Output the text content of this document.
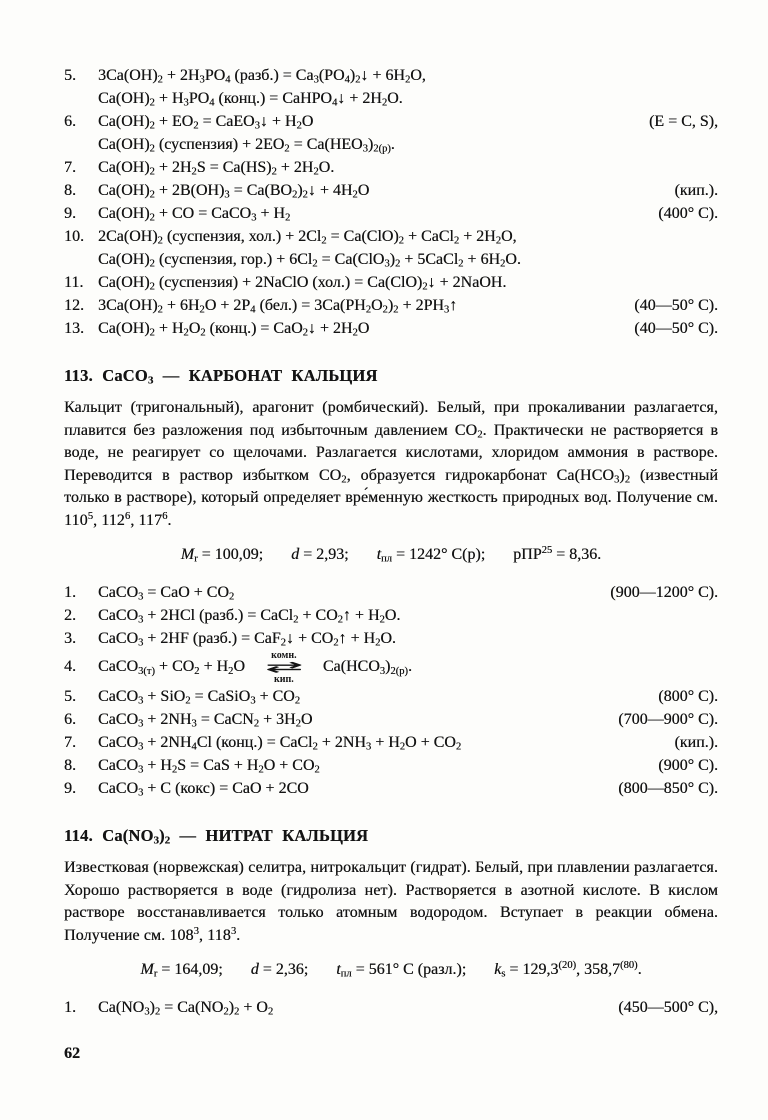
5.	$3Ca(OH)_2 + 2H_3PO_4$ (разб.) = $Ca_3(PO_4)_2↓ + 6H_2O$,
$Ca(OH)_2 + H_3PO_4$ (конц.) = CaHPO$_4$↓ + $2H_2O$.
6.	$Ca(OH)_2 + EO_2$ = CaEO$_3$↓ + $H_2O$	(E = C, S),
$Ca(OH)_2$ (суспензия) + $2EO_2 = Ca(HEO_3)_{2(р)}$.
7.	$Ca(OH)_2 + 2H_2S = Ca(HS)_2 + 2H_2O$.
8.	$Ca(OH)_2 + 2B(OH)_3$ = $Ca(BO_2)_2↓ + 4H_2O$	(кип.).
9.	$Ca(OH)_2$ + CO = CaCO$_3$ + $H_2$	(400° C).
10. $2Ca(OH)_2$ (суспензия, $хол.) + 2Cl_2 = Ca(ClO)_2$ + CaCl$_2$ + $2H_2O$,
$Ca(OH)_2$ (суспензия, $гор.) + 6Cl_2 = Ca(ClO_3)_2$ + 5CaCl$_2$ + $6H_2O$.
11. $Ca(OH)_2$ (суспензия) + 2NaClO $(хол.) = Ca(ClO)_2↓$ + 2NaOH.
12. $3Ca(OH)_2 + 6H_2O + 2P_4$ $(бел.) = 3Ca(PH_2O_2)_2$ + $2PH_3↑$	(40—50° C).
13. $Ca(OH)_2 + H_2O_2$ (конц.) = CaO$_2$↓ + $2H_2O$	(40—50° C).
113. CaCO$_3$ — КАРБОНАТ КАЛЬЦИЯ

Кальцит (тригональный), арагонит (ромбический). Белый, при прокаливании разлагается, плавится без разложения под избыточным давлением $CO_2$. Практически не растворяется в воде, не реагирует со щелочами. Разлагается кислотами, хлоридом аммония в растворе. Переводится в раствор избытком $CO_2$, образуется гидрокарбонат $Ca(HCO_3)_2$ (известный только в растворе), который определяет вре́менную жесткость природных вод. Получение см. $110^5$, $112^6$, $117^6$.

$M_r = 100,09$; d = 2,93; $t_{пл} = 1242^\circ$ C(p); рПР$^{25}$ = 8,36.
1.	CaCO$_3$ = CaO + $CO_2$	(900—1200° C).
2.	CaCO$_3$ + 2HCl (разб.) = CaCl$_2$ + $CO_2↑ + H_2O$.
3.	CaCO$_3$ + 2HF (разб.) = CaF$_2$↓ + $CO_2↑ + H_2O$.
4.	CaCO$_{3(т)}$ + $CO_2 + H_2O$
комн.
⇄
кип.
$Ca(HCO_3)_{2(р)}$.
5.	CaCO$_3$ + SiO$_2$ = CaSiO$_3$ + $CO_2$	(800° C).
6.	CaCO$_3$ + $2NH_3$ = CaCN$_2$ + $3H_2O$	(700—900° C).
7.	CaCO$_3$ + $2NH_4Cl$ (конц.) = CaCl$_2$ + $2NH_3 + H_2O + CO_2$	(кип.).
8.	CaCO$_3$ + $H_2S$ = CaS + $H_2O + CO_2$	(900° C).
9.	CaCO$_3$ + C (кокс) = CaO + 2CO	(800—850° C).
114. $Ca(NO_3)_2$ — НИТРАТ КАЛЬЦИЯ

Известковая (норвежская) селитра, нитрокальцит (гидрат). Белый, при плавлении разлагается. Хорошо растворяется в воде (гидролиза нет). Растворяется в азотной кислоте. В кислом растворе восстанавливается только атомным водородом. Вступает в реакции обмена. Получение см. $108^3$, $118^3$.

$M_r = 164,09$; d = 2,36; $t_{пл} = 561^\circ$ C (разл.); $k_s = 129,3^{(20)}$, 358,7$^{(80)}$.
1.	$Ca(NO_3)_2 = Ca(NO_2)_2 + O_2$	(450—500° C),
62
